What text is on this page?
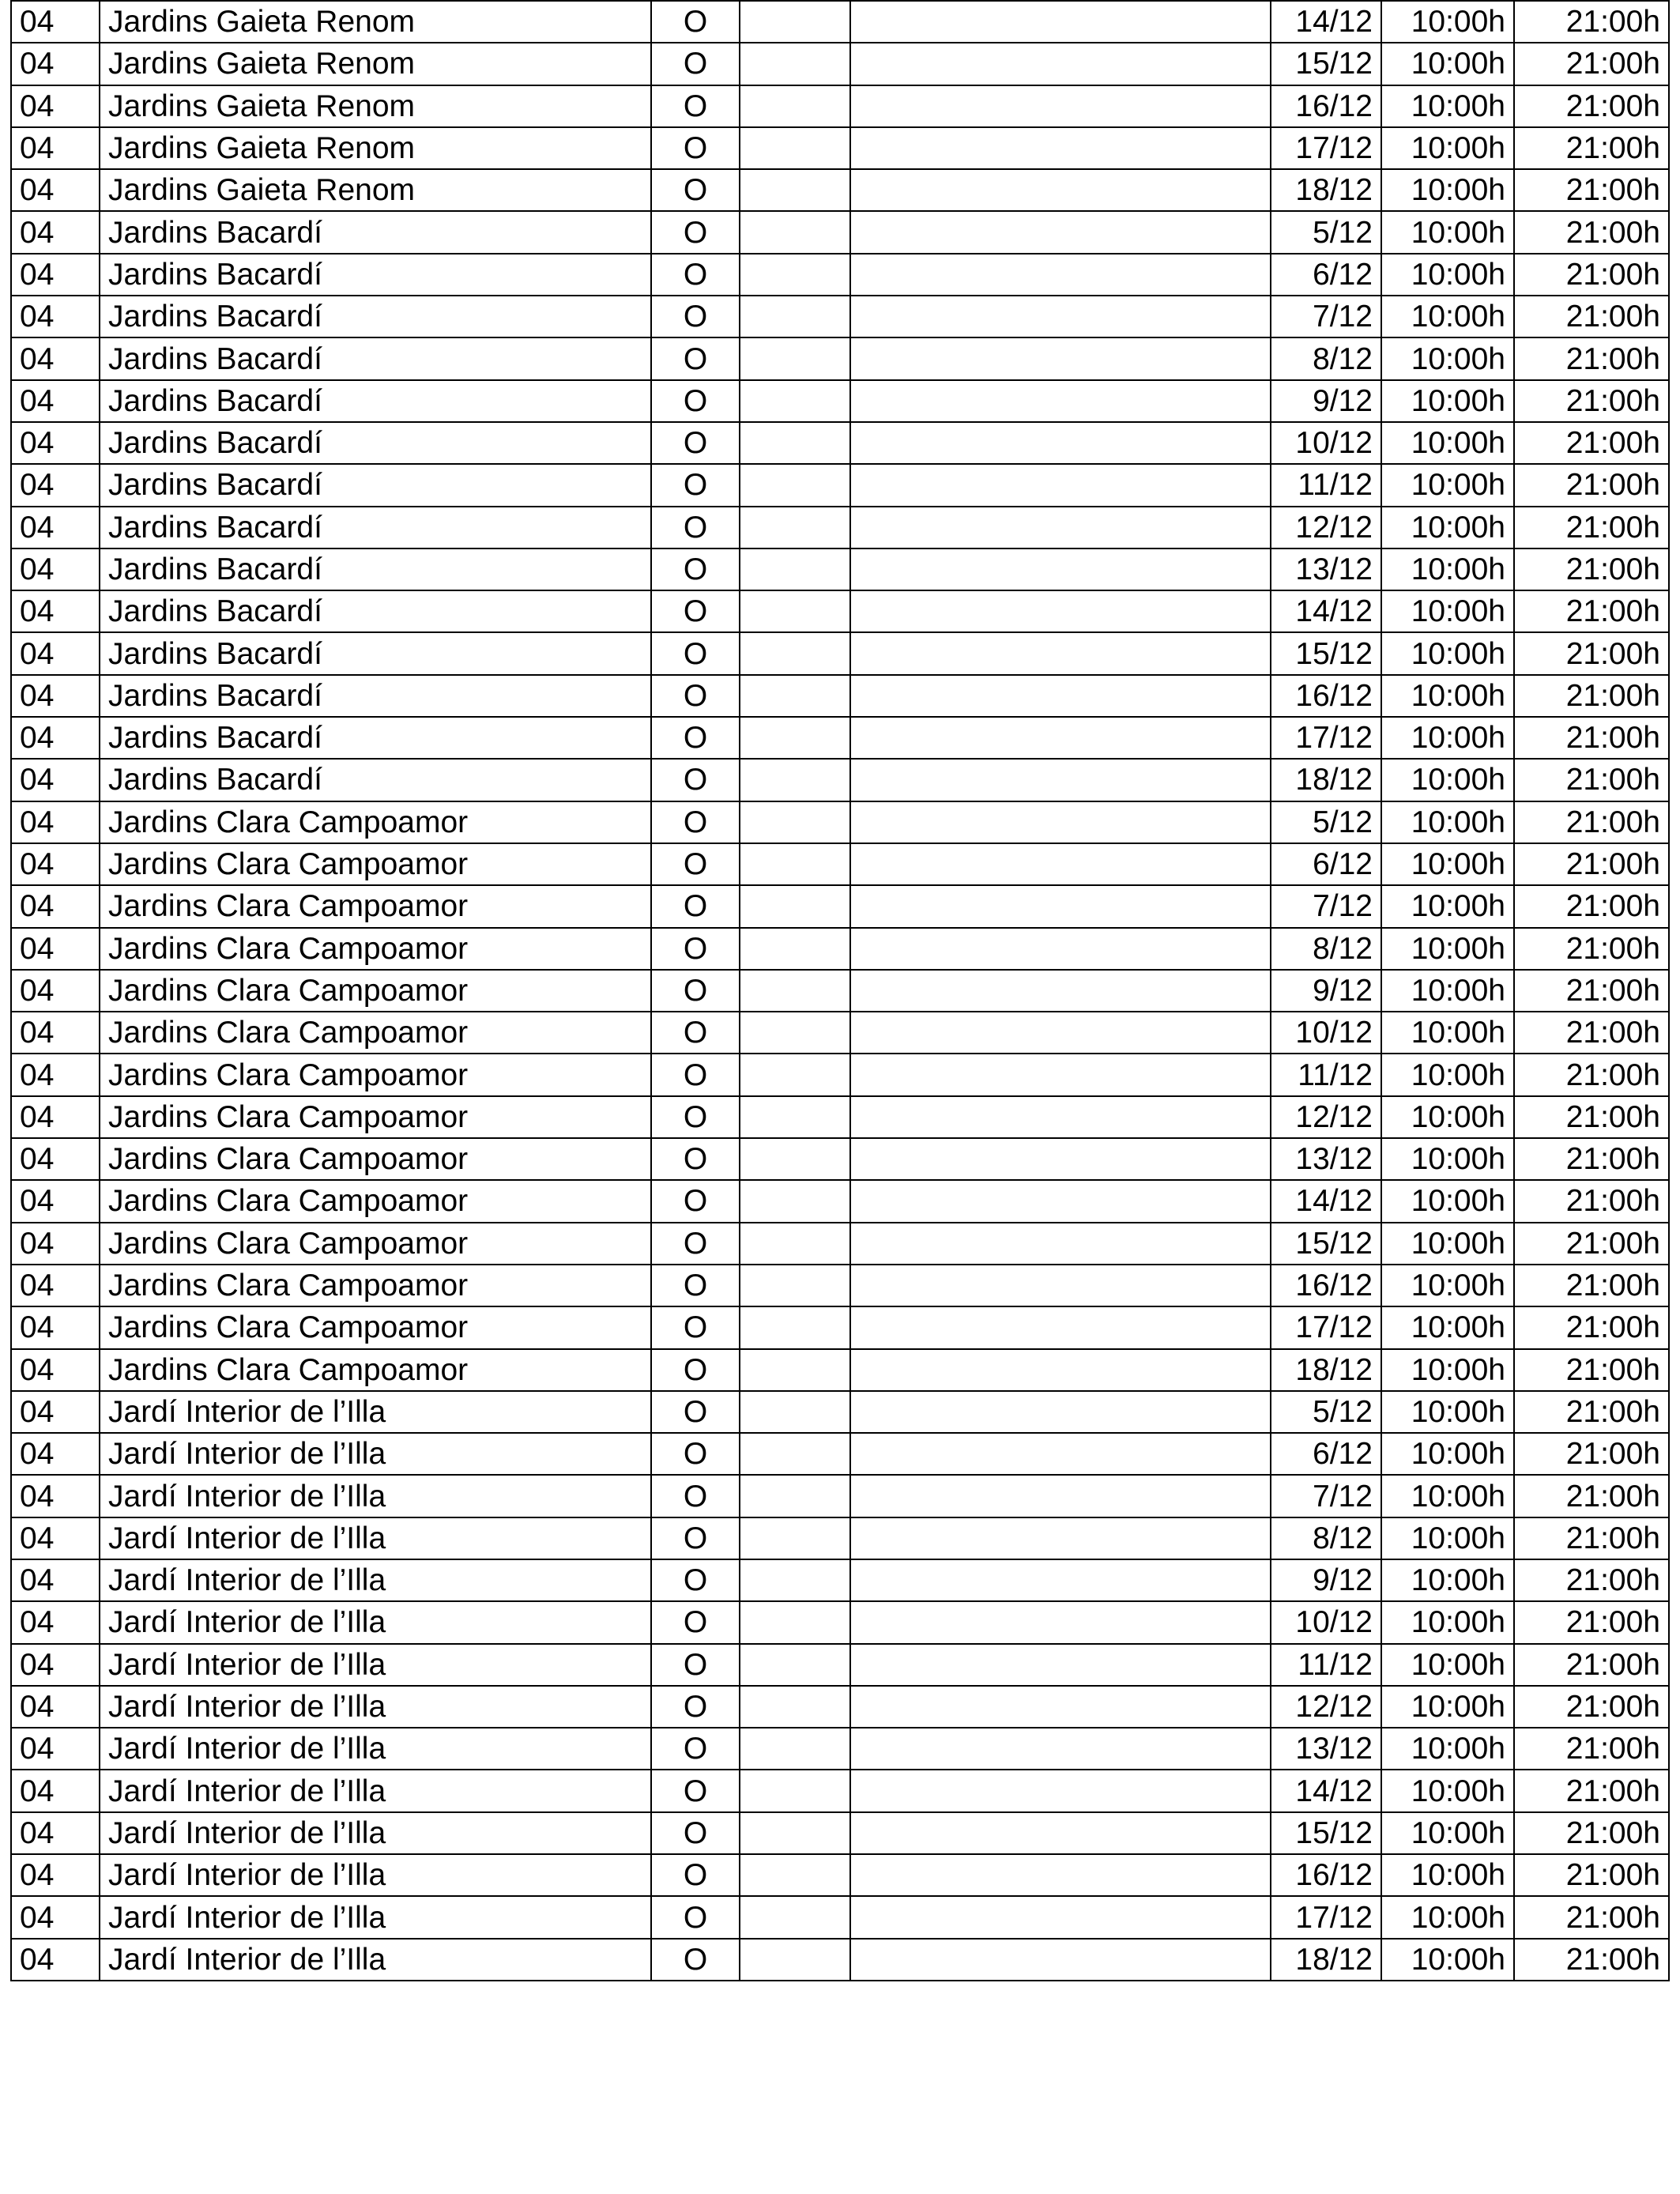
04	Jardins Gaieta Renom	O			14/12	10:00h	21:00h
04	Jardins Gaieta Renom	O			15/12	10:00h	21:00h
04	Jardins Gaieta Renom	O			16/12	10:00h	21:00h
04	Jardins Gaieta Renom	O			17/12	10:00h	21:00h
04	Jardins Gaieta Renom	O			18/12	10:00h	21:00h
04	Jardins Bacardí	O			5/12	10:00h	21:00h
04	Jardins Bacardí	O			6/12	10:00h	21:00h
04	Jardins Bacardí	O			7/12	10:00h	21:00h
04	Jardins Bacardí	O			8/12	10:00h	21:00h
04	Jardins Bacardí	O			9/12	10:00h	21:00h
04	Jardins Bacardí	O			10/12	10:00h	21:00h
04	Jardins Bacardí	O			11/12	10:00h	21:00h
04	Jardins Bacardí	O			12/12	10:00h	21:00h
04	Jardins Bacardí	O			13/12	10:00h	21:00h
04	Jardins Bacardí	O			14/12	10:00h	21:00h
04	Jardins Bacardí	O			15/12	10:00h	21:00h
04	Jardins Bacardí	O			16/12	10:00h	21:00h
04	Jardins Bacardí	O			17/12	10:00h	21:00h
04	Jardins Bacardí	O			18/12	10:00h	21:00h
04	Jardins Clara Campoamor	O			5/12	10:00h	21:00h
04	Jardins Clara Campoamor	O			6/12	10:00h	21:00h
04	Jardins Clara Campoamor	O			7/12	10:00h	21:00h
04	Jardins Clara Campoamor	O			8/12	10:00h	21:00h
04	Jardins Clara Campoamor	O			9/12	10:00h	21:00h
04	Jardins Clara Campoamor	O			10/12	10:00h	21:00h
04	Jardins Clara Campoamor	O			11/12	10:00h	21:00h
04	Jardins Clara Campoamor	O			12/12	10:00h	21:00h
04	Jardins Clara Campoamor	O			13/12	10:00h	21:00h
04	Jardins Clara Campoamor	O			14/12	10:00h	21:00h
04	Jardins Clara Campoamor	O			15/12	10:00h	21:00h
04	Jardins Clara Campoamor	O			16/12	10:00h	21:00h
04	Jardins Clara Campoamor	O			17/12	10:00h	21:00h
04	Jardins Clara Campoamor	O			18/12	10:00h	21:00h
04	Jardí Interior de l’Illa	O			5/12	10:00h	21:00h
04	Jardí Interior de l’Illa	O			6/12	10:00h	21:00h
04	Jardí Interior de l’Illa	O			7/12	10:00h	21:00h
04	Jardí Interior de l’Illa	O			8/12	10:00h	21:00h
04	Jardí Interior de l’Illa	O			9/12	10:00h	21:00h
04	Jardí Interior de l’Illa	O			10/12	10:00h	21:00h
04	Jardí Interior de l’Illa	O			11/12	10:00h	21:00h
04	Jardí Interior de l’Illa	O			12/12	10:00h	21:00h
04	Jardí Interior de l’Illa	O			13/12	10:00h	21:00h
04	Jardí Interior de l’Illa	O			14/12	10:00h	21:00h
04	Jardí Interior de l’Illa	O			15/12	10:00h	21:00h
04	Jardí Interior de l’Illa	O			16/12	10:00h	21:00h
04	Jardí Interior de l’Illa	O			17/12	10:00h	21:00h
04	Jardí Interior de l’Illa	O			18/12	10:00h	21:00h
